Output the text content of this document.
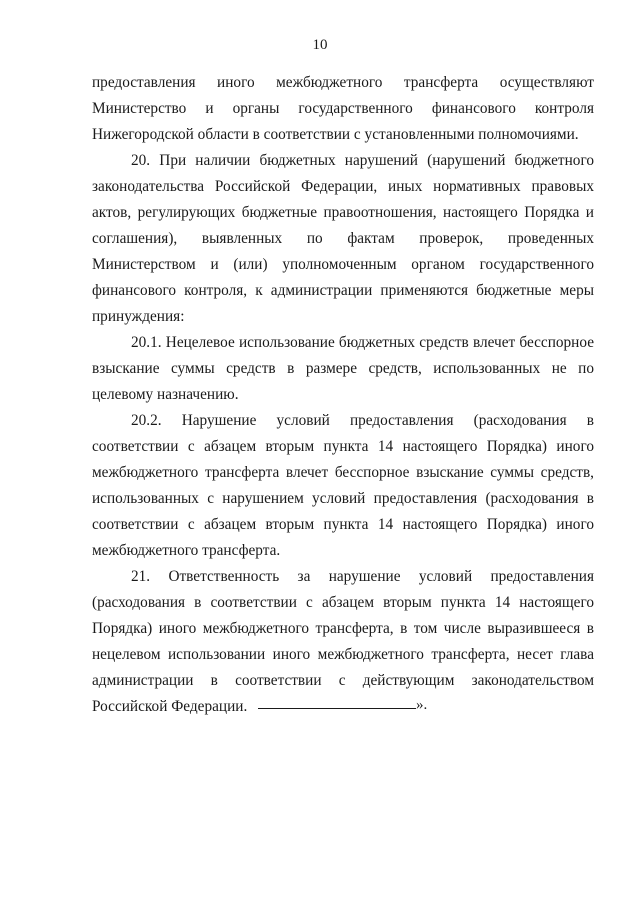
10

предоставления иного межбюджетного трансферта осуществляют Министерство и органы государственного финансового контроля Нижегородской области в соответствии с установленными полномочиями.

20. При наличии бюджетных нарушений (нарушений бюджетного законодательства Российской Федерации, иных нормативных правовых актов, регулирующих бюджетные правоотношения, настоящего Порядка и соглашения), выявленных по фактам проверок, проведенных Министерством и (или) уполномоченным органом государственного финансового контроля, к администрации применяются бюджетные меры принуждения:

20.1. Нецелевое использование бюджетных средств влечет бесспорное взыскание суммы средств в размере средств, использованных не по целевому назначению.

20.2. Нарушение условий предоставления (расходования в соответствии с абзацем вторым пункта 14 настоящего Порядка) иного межбюджетного трансферта влечет бесспорное взыскание суммы средств, использованных с нарушением условий предоставления (расходования в соответствии с абзацем вторым пункта 14 настоящего Порядка) иного межбюджетного трансферта.

21. Ответственность за нарушение условий предоставления (расходования в соответствии с абзацем вторым пункта 14 настоящего Порядка) иного межбюджетного трансферта, в том числе выразившееся в нецелевом использовании иного межбюджетного трансферта, несет глава администрации в соответствии с действующим законодательством Российской Федерации.	».
